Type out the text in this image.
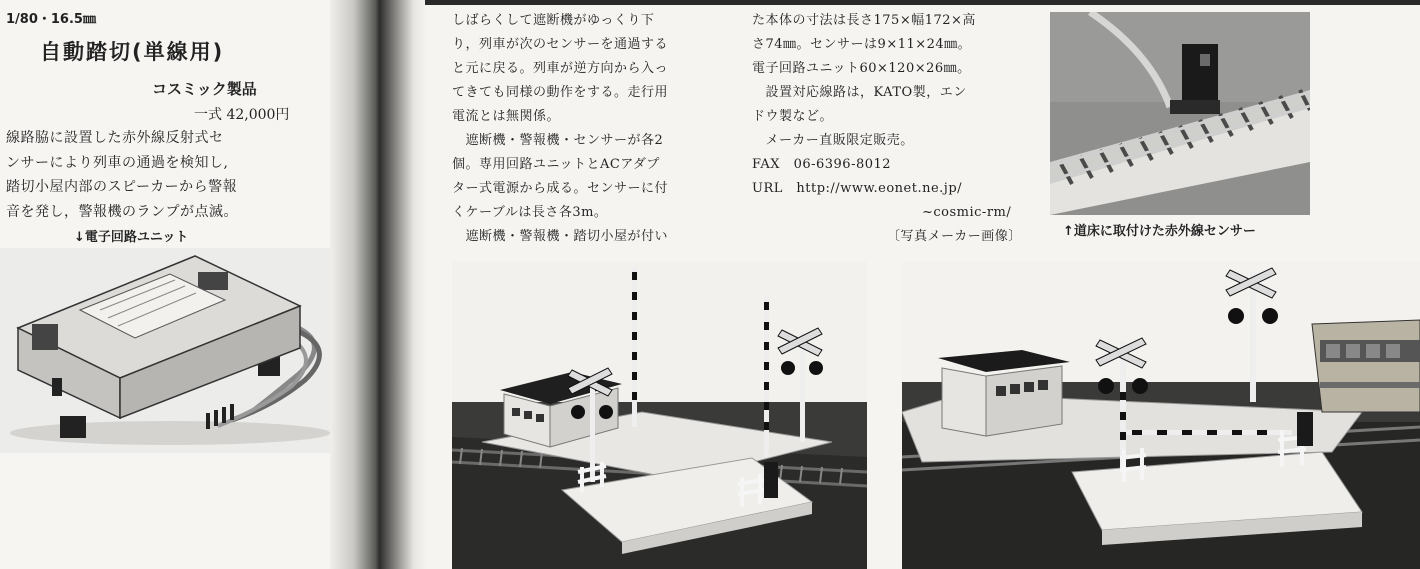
1/80・16.5㎜
自動踏切(単線用)
コスミック製品
一式 42,000円
線路脇に設置した赤外線反射式セ
ンサーにより列車の通過を検知し,
踏切小屋内部のスピーカーから警報
音を発し，警報機のランプが点滅。
↓電子回路ユニット
しばらくして遮断機がゆっくり下
り，列車が次のセンサーを通過する
と元に戻る。列車が逆方向から入っ
てきても同様の動作をする。走行用
電流とは無関係。
　遮断機・警報機・センサーが各2
個。専用回路ユニットとACアダプ
ター式電源から成る。センサーに付
くケーブルは長さ各3m。
　遮断機・警報機・踏切小屋が付い
た本体の寸法は長さ175×幅172×高
さ74㎜。センサーは9×11×24㎜。
電子回路ユニット60×120×26㎜。
　設置対応線路は，KATO製，エン
ドウ製など。
　メーカー直販限定販売。
FAX　 06-6396-8012
URL　 http://www.eonet.ne.jp/
~cosmic-rm/
〔写真メーカー画像〕	↑道床に取付けた赤外線センサー
